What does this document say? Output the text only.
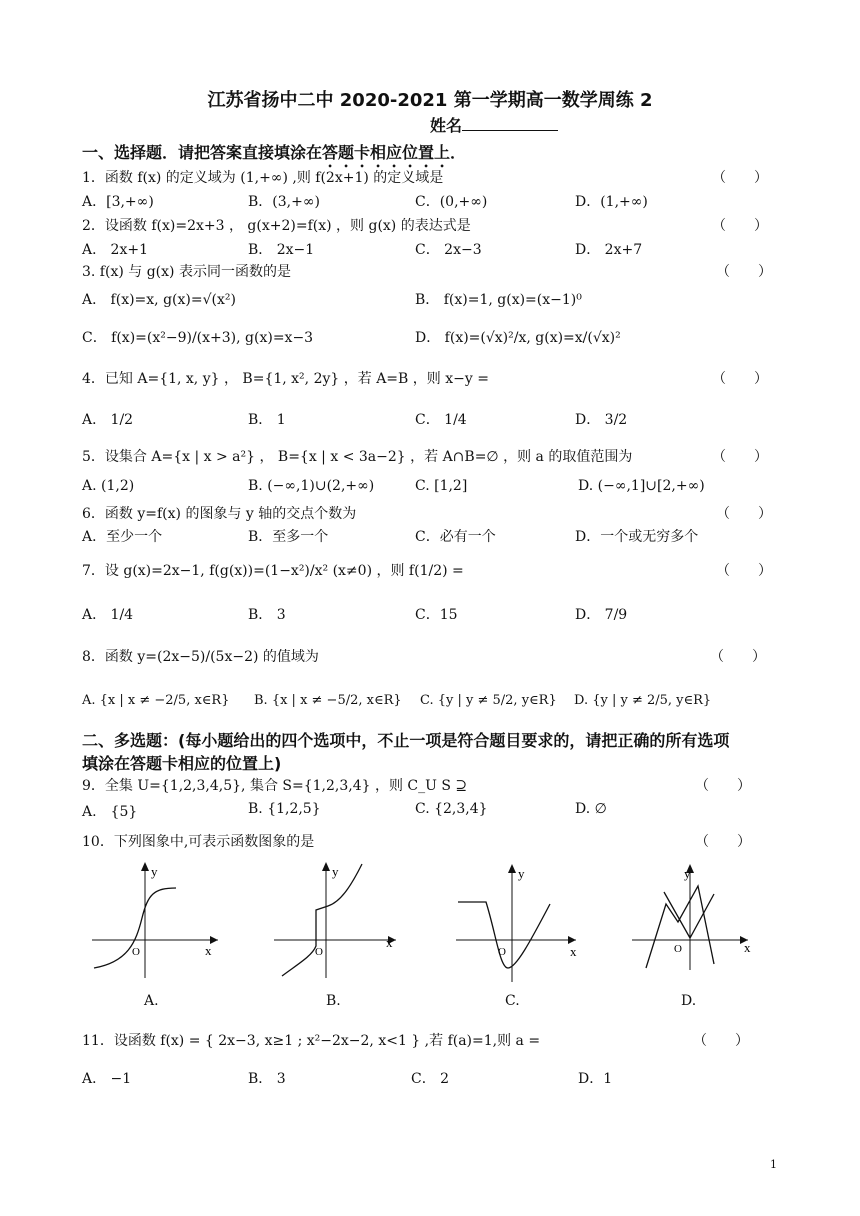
江苏省扬中二中 2020-2021 第一学期高一数学周练 2
姓名
一、选择题．请把答案直接填涂在答题卡相应位置上．
1．函数 f(x) 的定义域为 (1,+∞) ,则 f(2x+1) 的定义域是	（　　）
A．[3,+∞)	B．(3,+∞)	C．(0,+∞)	D．(1,+∞)
2．设函数 f(x)=2x+3 ， g(x+2)=f(x) ，则 g(x) 的表达式是	（　　）
A． 2x+1	B． 2x−1	C． 2x−3	D． 2x+7
3. f(x) 与 g(x) 表示同一函数的是	（　　）
A． f(x)=x, g(x)=√(x²)	B． f(x)=1, g(x)=(x−1)⁰
C． f(x)=(x²−9)/(x+3), g(x)=x−3	D． f(x)=(√x)²/x, g(x)=x/(√x)²
4．已知 A={1, x, y} ， B={1, x², 2y} ，若 A=B ，则 x−y =	（　　）
A． 1/2	B． 1	C． 1/4	D． 3/2
5．设集合 A={x | x > a²} ， B={x | x < 3a−2} ，若 A∩B=∅ ，则 a 的取值范围为	（　　）
A. (1,2)	B. (−∞,1)∪(2,+∞)	C. [1,2]	D. (−∞,1]∪[2,+∞)
6．函数 y=f(x) 的图象与 y 轴的交点个数为	（　　）
A．至少一个	B．至多一个	C．必有一个	D．一个或无穷多个
7．设 g(x)=2x−1, f(g(x))=(1−x²)/x² (x≠0) ，则 f(1/2) =	（　　）
A． 1/4	B． 3	C．15	D． 7/9
8．函数 y=(2x−5)/(5x−2) 的值域为	（　　）
A. {x | x ≠ −2/5, x∈R} B. {x | x ≠ −5/2, x∈R} C. {y | y ≠ 5/2, y∈R} D. {y | y ≠ 2/5, y∈R}
二、多选题：(每小题给出的四个选项中，不止一项是符合题目要求的，请把正确的所有选项
填涂在答题卡相应的位置上)
9．全集 U={1,2,3,4,5}, 集合 S={1,2,3,4} ，则 C_U S ⊇	（　　）
A.　{5}	B. {1,2,5}	C. {2,3,4}	D. ∅
10．下列图象中,可表示函数图象的是	（　　）
y
x
O
A.
y
x
O
B.
y
x
O
C.
y
x
O
D.
11．设函数 f(x) = { 2x−3, x≥1 ; x²−2x−2, x<1 } ,若 f(a)=1,则 a =	（　　）
A． −1	B． 3	C． 2	D．1
1
